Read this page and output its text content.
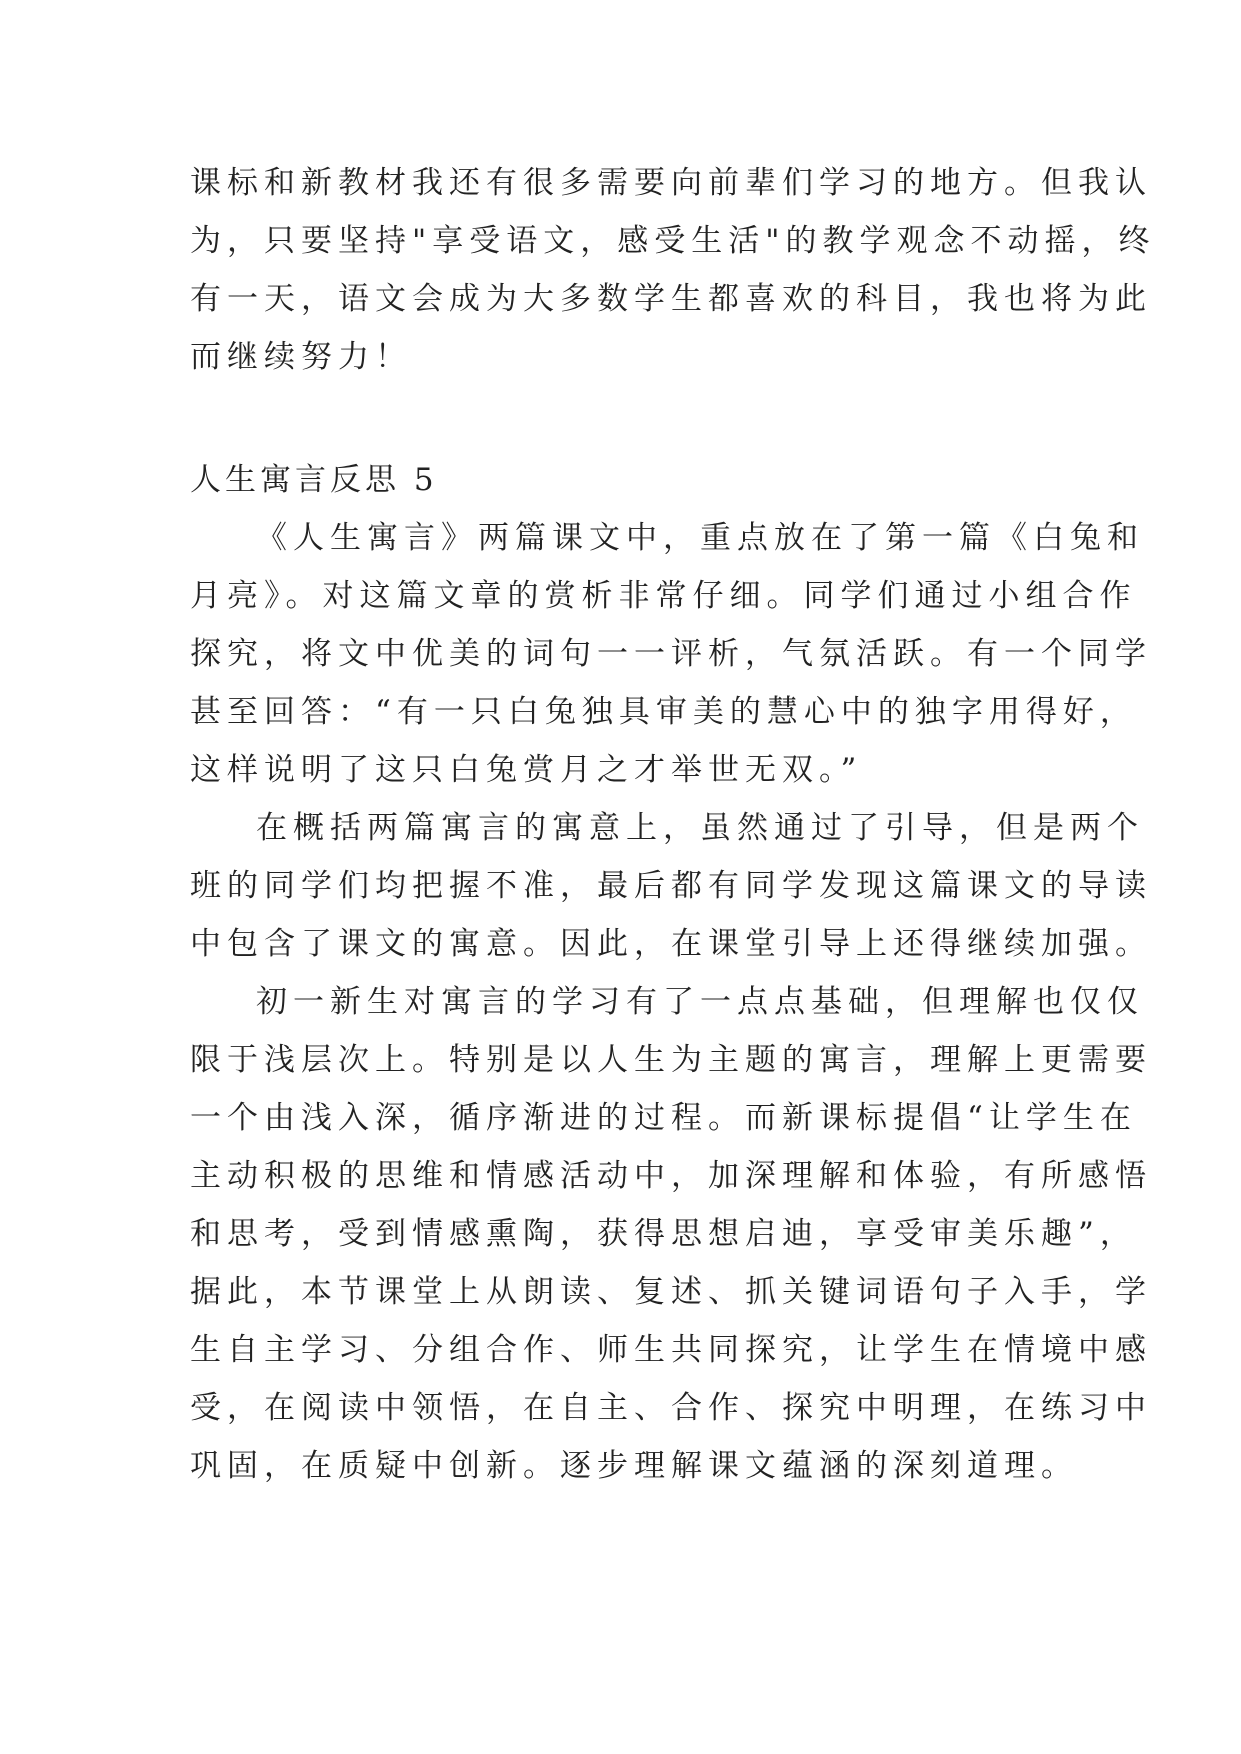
课标和新教材我还有很多需要向前辈们学习的地方。但我认
为，只要坚持"享受语文，感受生活"的教学观念不动摇，终
有一天，语文会成为大多数学生都喜欢的科目，我也将为此
而继续努力！
人生寓言反思 5
《人生寓言》两篇课文中，重点放在了第一篇《白兔和
月亮》。对这篇文章的赏析非常仔细。同学们通过小组合作
探究，将文中优美的词句一一评析，气氛活跃。有一个同学
甚至回答：“有一只白兔独具审美的慧心中的独字用得好，
这样说明了这只白兔赏月之才举世无双。”
在概括两篇寓言的寓意上，虽然通过了引导，但是两个
班的同学们均把握不准，最后都有同学发现这篇课文的导读
中包含了课文的寓意。因此，在课堂引导上还得继续加强。
初一新生对寓言的学习有了一点点基础，但理解也仅仅
限于浅层次上。特别是以人生为主题的寓言，理解上更需要
一个由浅入深，循序渐进的过程。而新课标提倡“让学生在
主动积极的思维和情感活动中，加深理解和体验，有所感悟
和思考，受到情感熏陶，获得思想启迪，享受审美乐趣”，
据此，本节课堂上从朗读、复述、抓关键词语句子入手，学
生自主学习、分组合作、师生共同探究，让学生在情境中感
受，在阅读中领悟，在自主、合作、探究中明理，在练习中
巩固，在质疑中创新。逐步理解课文蕴涵的深刻道理。
